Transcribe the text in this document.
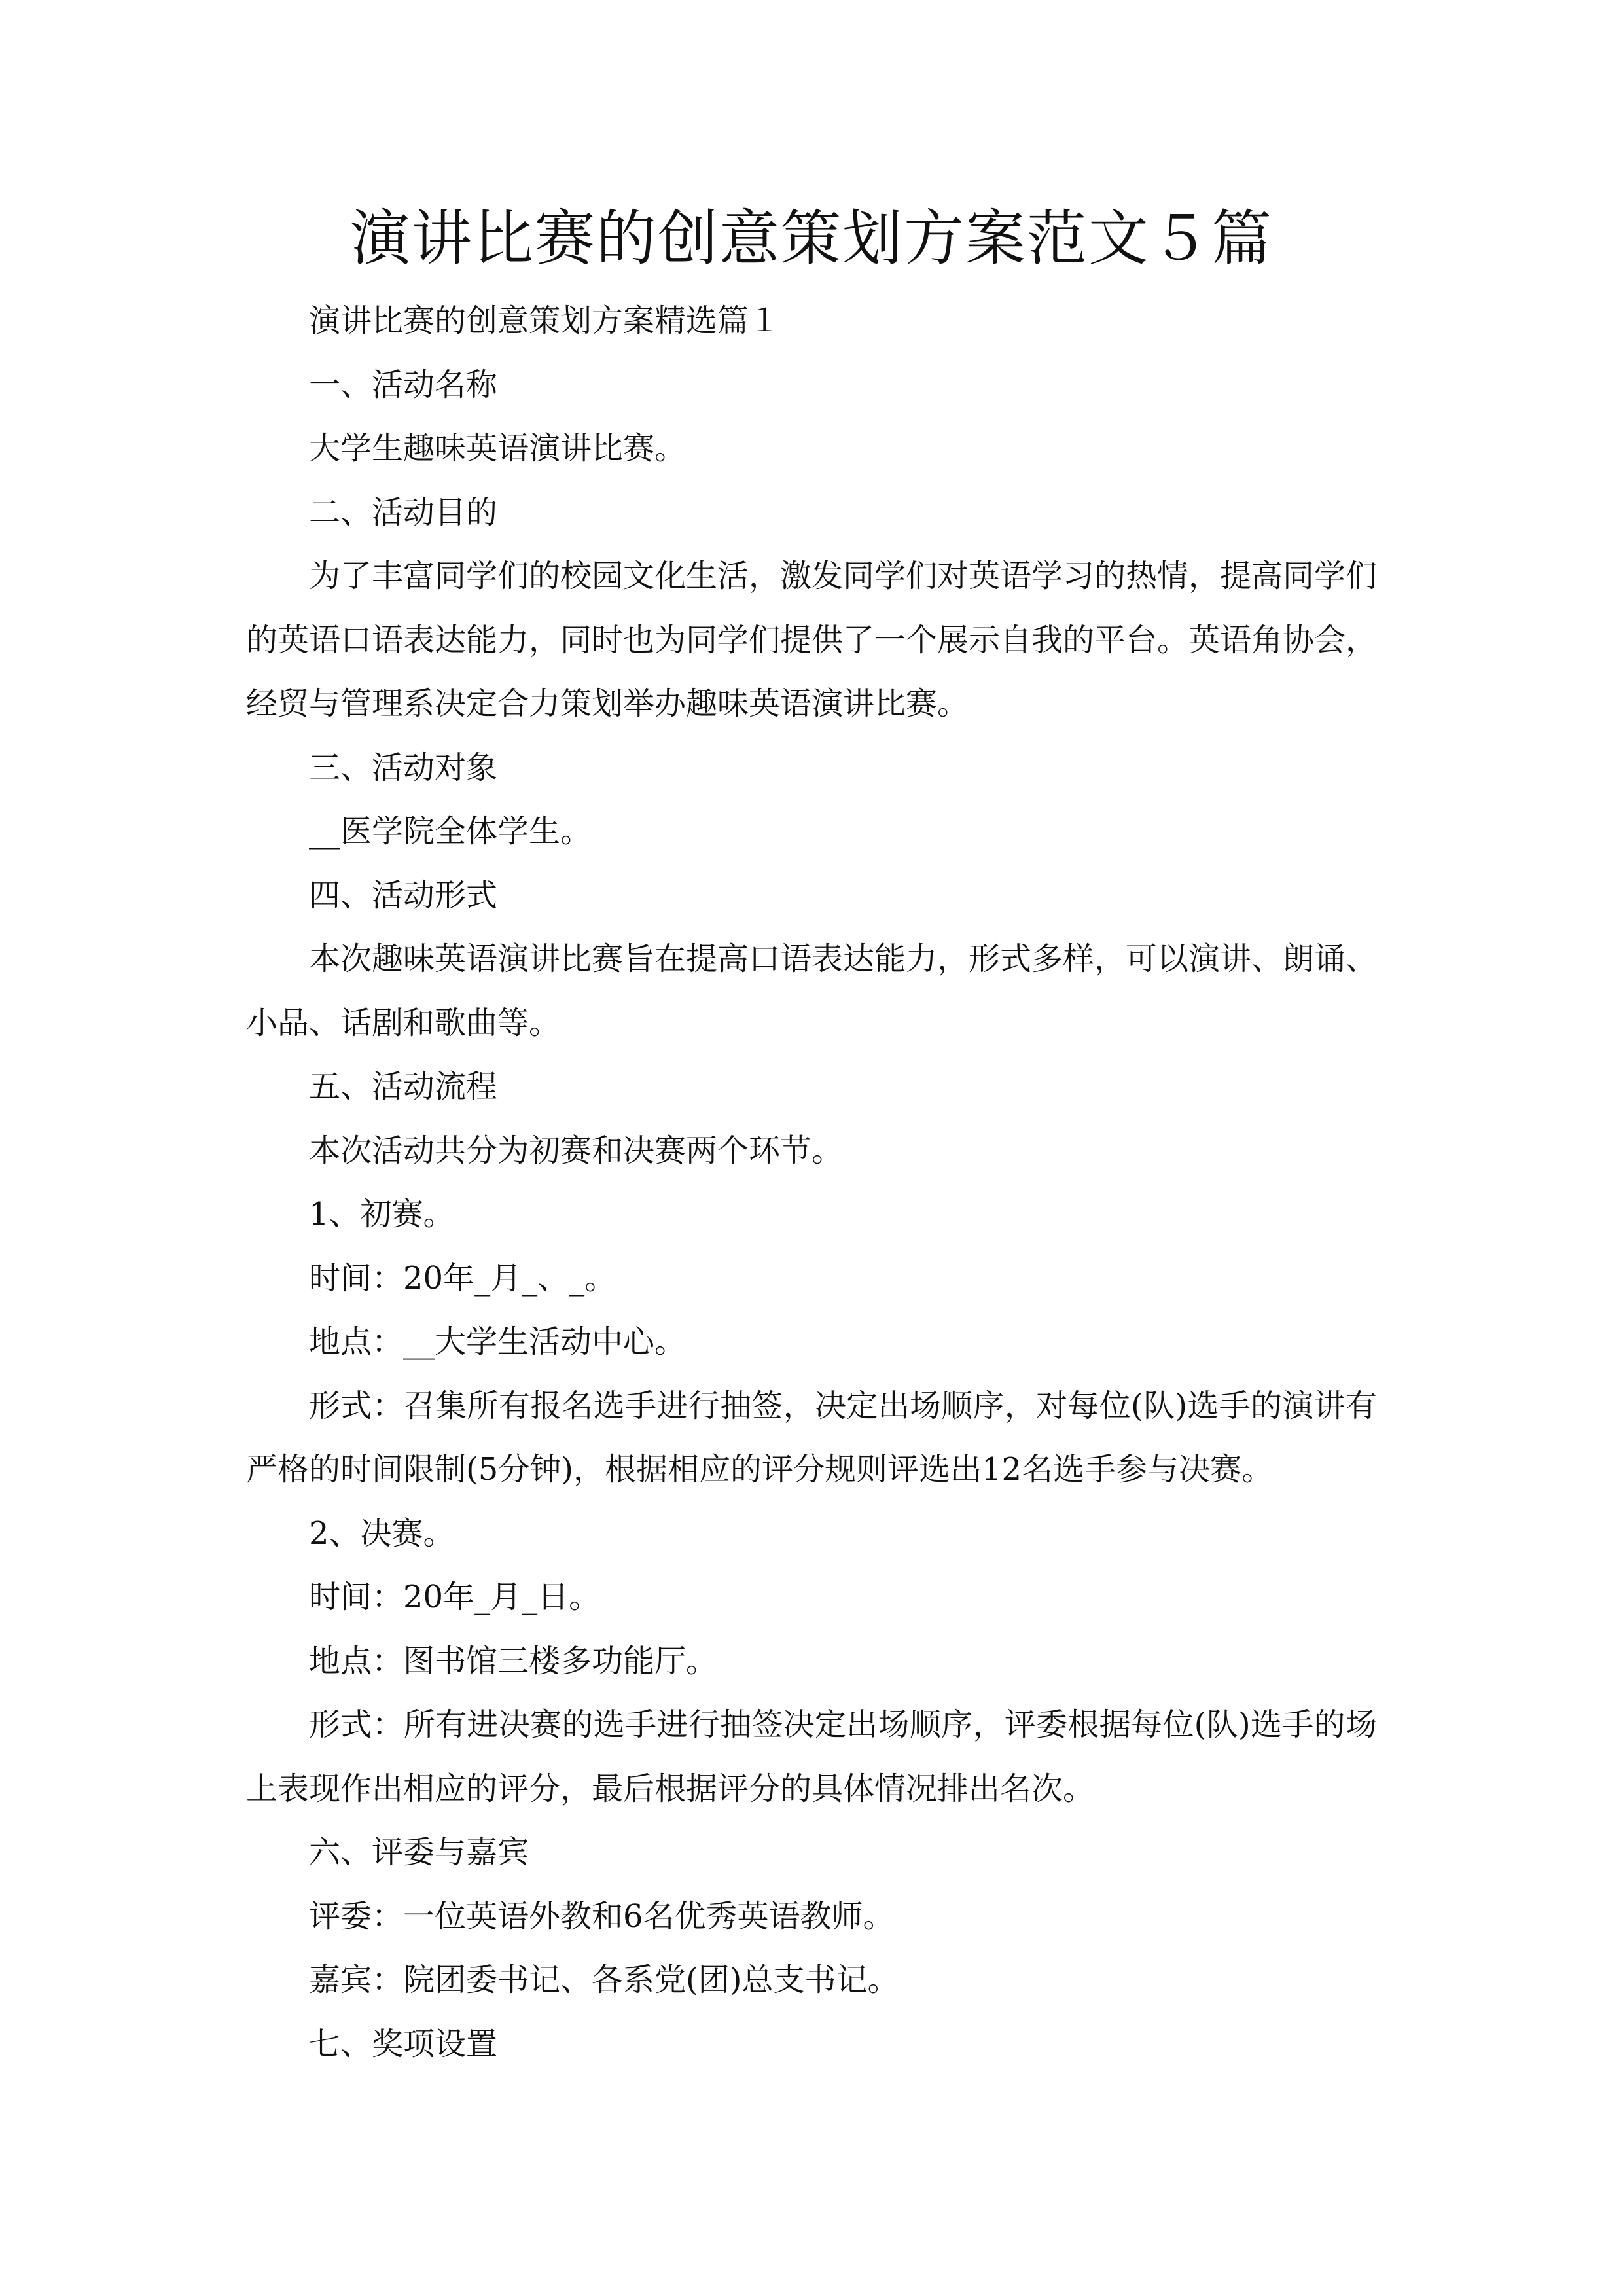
演讲比赛的创意策划方案范文５篇

演讲比赛的创意策划方案精选篇１

一、活动名称

大学生趣味英语演讲比赛。

二、活动目的

为了丰富同学们的校园文化生活，激发同学们对英语学习的热情，提高同学们的英语口语表达能力，同时也为同学们提供了一个展示自我的平台。英语角协会，经贸与管理系决定合力策划举办趣味英语演讲比赛。

三、活动对象

__医学院全体学生。

四、活动形式

本次趣味英语演讲比赛旨在提高口语表达能力，形式多样，可以演讲、朗诵、小品、话剧和歌曲等。

五、活动流程

本次活动共分为初赛和决赛两个环节。

1、初赛。

时间：20年_月_、_。

地点：__大学生活动中心。

形式：召集所有报名选手进行抽签，决定出场顺序，对每位(队)选手的演讲有严格的时间限制(5分钟)，根据相应的评分规则评选出12名选手参与决赛。

2、决赛。

时间：20年_月_日。

地点：图书馆三楼多功能厅。

形式：所有进决赛的选手进行抽签决定出场顺序，评委根据每位(队)选手的场上表现作出相应的评分，最后根据评分的具体情况排出名次。

六、评委与嘉宾

评委：一位英语外教和6名优秀英语教师。

嘉宾：院团委书记、各系党(团)总支书记。

七、奖项设置
